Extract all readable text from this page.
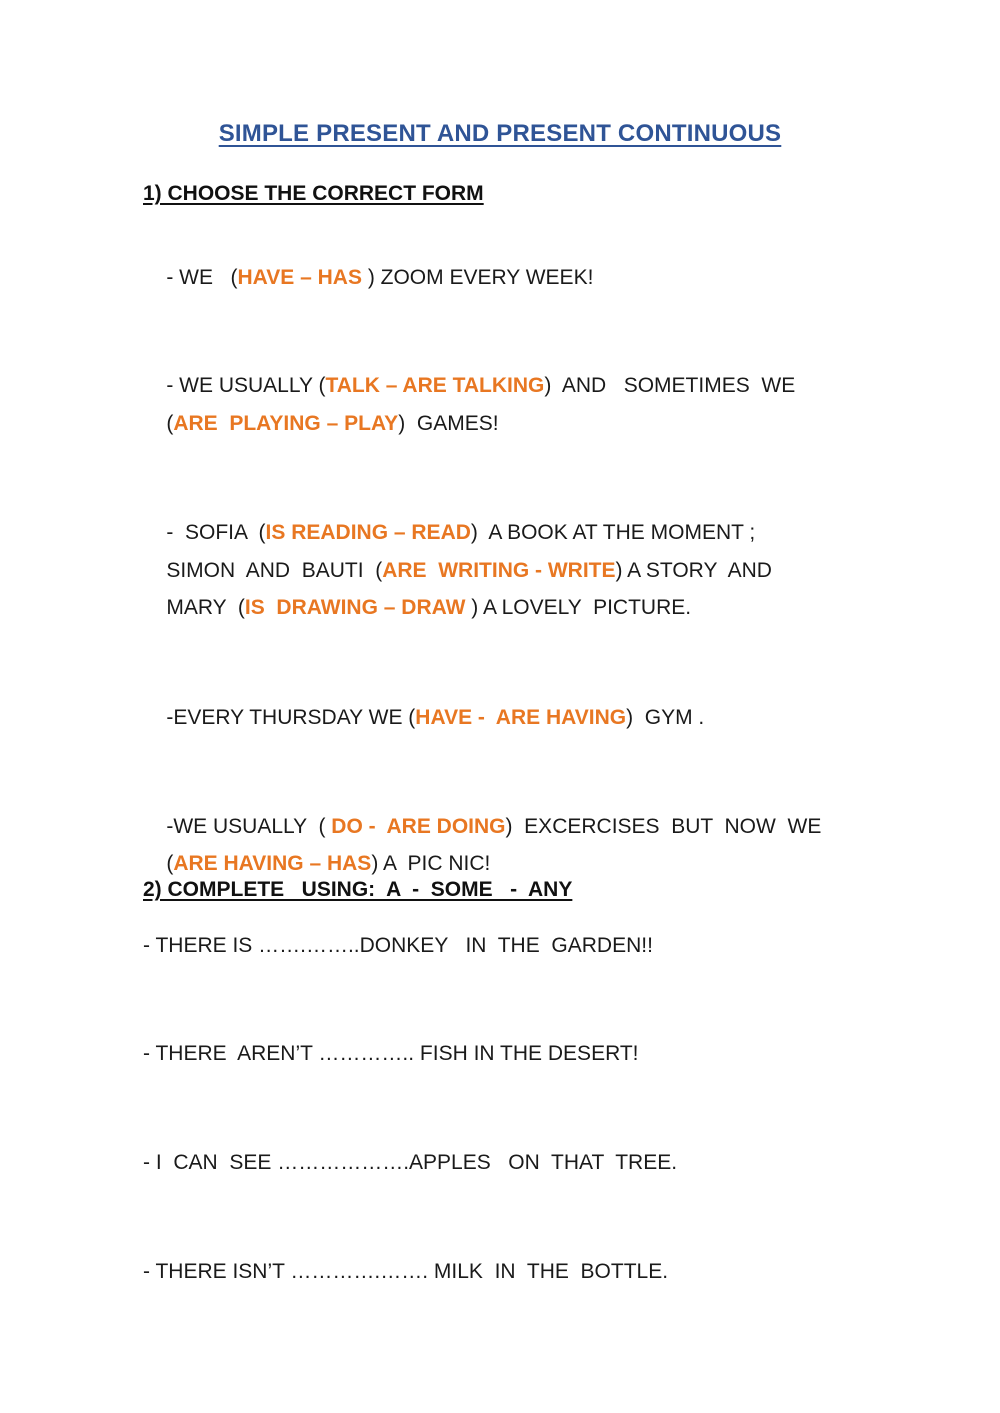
SIMPLE PRESENT AND PRESENT CONTINUOUS
1) CHOOSE THE CORRECT FORM

- WE   (HAVE – HAS ) ZOOM EVERY WEEK!

- WE USUALLY (TALK – ARE TALKING)  AND   SOMETIMES  WE

(ARE  PLAYING – PLAY)  GAMES!

-  SOFIA  (IS READING – READ)  A BOOK AT THE MOMENT ;

SIMON  AND  BAUTI  (ARE  WRITING - WRITE) A STORY  AND

MARY  (IS  DRAWING – DRAW ) A LOVELY  PICTURE.

-EVERY THURSDAY WE (HAVE -  ARE HAVING)  GYM .

-WE USUALLY  ( DO -  ARE DOING)  EXCERCISES  BUT  NOW  WE

(ARE HAVING – HAS) A  PIC NIC!

2) COMPLETE   USING:  A  -  SOME   -  ANY
- THERE IS …….……..DONKEY   IN  THE  GARDEN!!
- THERE  AREN’T ………….. FISH IN THE DESERT!
- I  CAN  SEE ……………….APPLES   ON  THAT  TREE.
- THERE ISN’T ………….……. MILK  IN  THE  BOTTLE.
